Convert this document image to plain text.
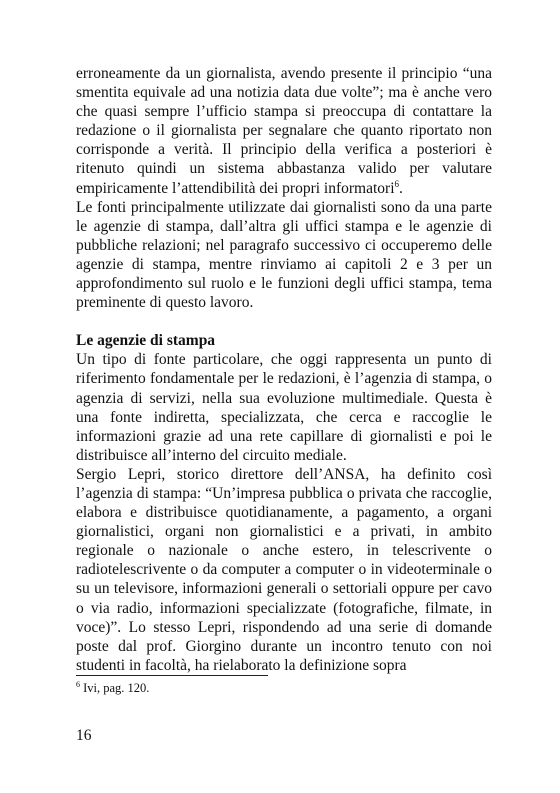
erroneamente da un giornalista, avendo presente il principio “una smentita equivale ad una notizia data due volte”; ma è anche vero che quasi sempre l’ufficio stampa si preoccupa di contattare la redazione o il giornalista per segnalare che quanto riportato non corrisponde a verità. Il principio della verifica a posteriori è ritenuto quindi un sistema abbastanza valido per valutare empiricamente l’attendibilità dei propri informatori$^6$.

Le fonti principalmente utilizzate dai giornalisti sono da una parte le agenzie di stampa, dall’altra gli uffici stampa e le agenzie di pubbliche relazioni; nel paragrafo successivo ci occuperemo delle agenzie di stampa, mentre rinviamo ai capitoli 2 e 3 per un approfondimento sul ruolo e le funzioni degli uffici stampa, tema preminente di questo lavoro.

Le agenzie di stampa

Un tipo di fonte particolare, che oggi rappresenta un punto di riferimento fondamentale per le redazioni, è l’agenzia di stampa, o agenzia di servizi, nella sua evoluzione multimediale. Questa è una fonte indiretta, specializzata, che cerca e raccoglie le informazioni grazie ad una rete capillare di giornalisti e poi le distribuisce all’interno del circuito mediale.

Sergio Lepri, storico direttore dell’ANSA, ha definito così l’agenzia di stampa: “Un’impresa pubblica o privata che raccoglie, elabora e distribuisce quotidianamente, a pagamento, a organi giornalistici, organi non giornalistici e a privati, in ambito regionale o nazionale o anche estero, in telescrivente o radiotelescrivente o da computer a computer o in videoterminale o su un televisore, informazioni generali o settoriali oppure per cavo o via radio, informazioni specializzate (fotografiche, filmate, in voce)”. Lo stesso Lepri, rispondendo ad una serie di domande poste dal prof. Giorgino durante un incontro tenuto con noi studenti in facoltà, ha rielaborato la definizione sopra

$^6$ Ivi, pag. 120.
16
